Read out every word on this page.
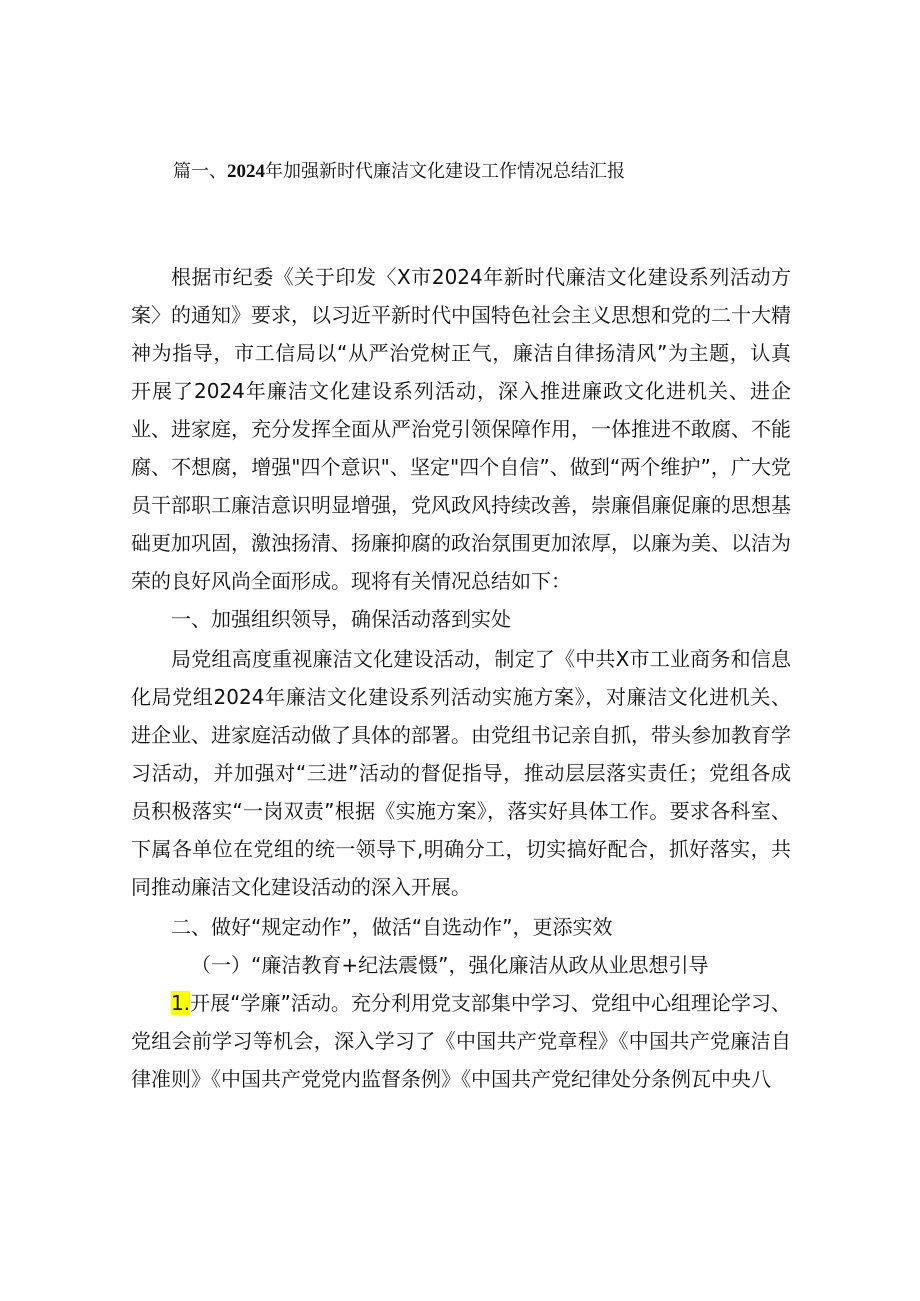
篇一、2024年加强新时代廉洁文化建设工作情况总结汇报

根据市纪委《关于印发〈X市2024年新时代廉洁文化建设系列活动方案〉的通知》要求，以习近平新时代中国特色社会主义思想和党的二十大精神为指导，市工信局以“从严治党树正气，廉洁自律扬清风”为主题，认真开展了2024年廉洁文化建设系列活动，深入推进廉政文化进机关、进企业、进家庭，充分发挥全面从严治党引领保障作用，一体推进不敢腐、不能腐、不想腐，增强"四个意识"、坚定"四个自信”、做到“两个维护”，广大党员干部职工廉洁意识明显增强，党风政风持续改善，崇廉倡廉促廉的思想基础更加巩固，激浊扬清、扬廉抑腐的政治氛围更加浓厚，以廉为美、以洁为荣的良好风尚全面形成。现将有关情况总结如下：

一、加强组织领导，确保活动落到实处

局党组高度重视廉洁文化建设活动，制定了《中共X市工业商务和信息化局党组2024年廉洁文化建设系列活动实施方案》，对廉洁文化进机关、进企业、进家庭活动做了具体的部署。由党组书记亲自抓，带头参加教育学习活动，并加强对“三进”活动的督促指导，推动层层落实责任；党组各成员积极落实“一岗双责”根据《实施方案》，落实好具体工作。要求各科室、下属各单位在党组的统一领导下,明确分工，切实搞好配合，抓好落实，共同推动廉洁文化建设活动的深入开展。

二、做好“规定动作”，做活“自选动作”，更添实效

（一）“廉洁教育+纪法震慑”，强化廉洁从政从业思想引导

1.开展“学廉”活动。充分利用党支部集中学习、党组中心组理论学习、党组会前学习等机会，深入学习了《中国共产党章程》《中国共产党廉洁自律准则》《中国共产党党内监督条例》《中国共产党纪律处分条例瓦中央八
